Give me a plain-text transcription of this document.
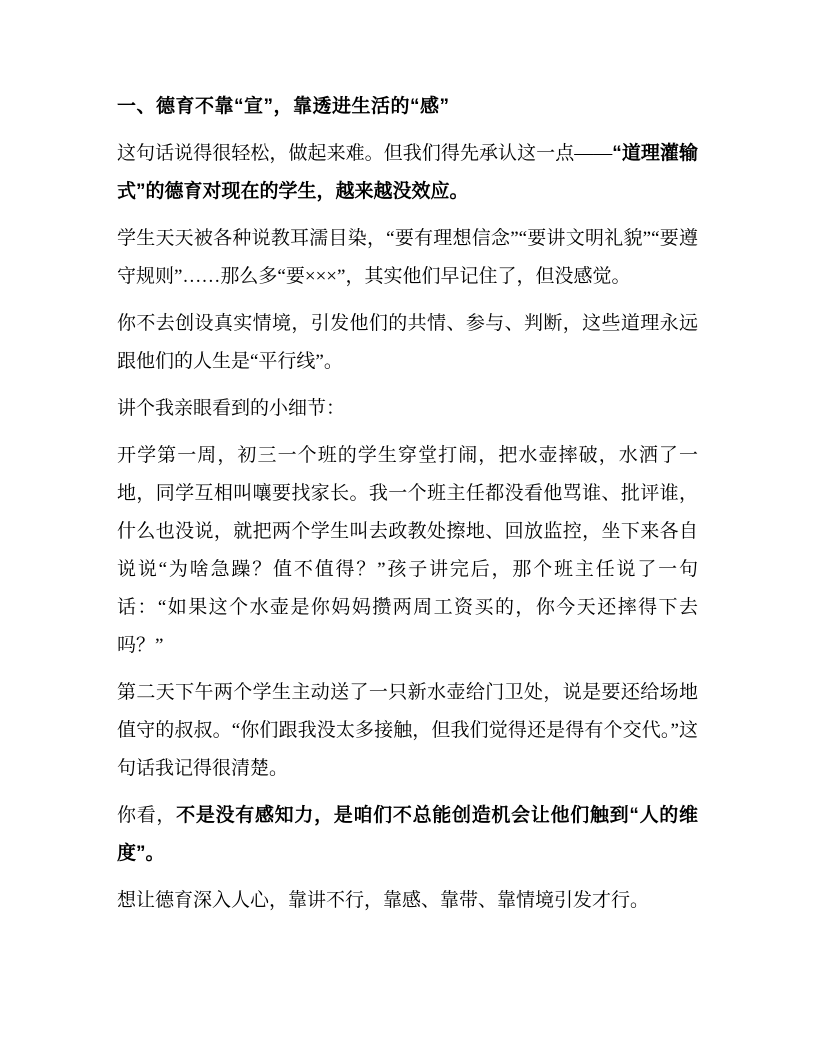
一、德育不靠“宣”，靠透进生活的“感”

这句话说得很轻松，做起来难。但我们得先承认这一点——“道理灌输式”的德育对现在的学生，越来越没效应。

学生天天被各种说教耳濡目染，“要有理想信念”“要讲文明礼貌”“要遵守规则”……那么多“要×××”，其实他们早记住了，但没感觉。

你不去创设真实情境，引发他们的共情、参与、判断，这些道理永远跟他们的人生是“平行线”。

讲个我亲眼看到的小细节：

开学第一周，初三一个班的学生穿堂打闹，把水壶摔破，水洒了一地，同学互相叫嚷要找家长。我一个班主任都没看他骂谁、批评谁，什么也没说，就把两个学生叫去政教处擦地、回放监控，坐下来各自说说“为啥急躁？值不值得？”孩子讲完后，那个班主任说了一句话：“如果这个水壶是你妈妈攒两周工资买的，你今天还摔得下去吗？”

第二天下午两个学生主动送了一只新水壶给门卫处，说是要还给场地值守的叔叔。“你们跟我没太多接触，但我们觉得还是得有个交代。”这句话我记得很清楚。

你看，不是没有感知力，是咱们不总能创造机会让他们触到“人的维度”。

想让德育深入人心，靠讲不行，靠感、靠带、靠情境引发才行。
